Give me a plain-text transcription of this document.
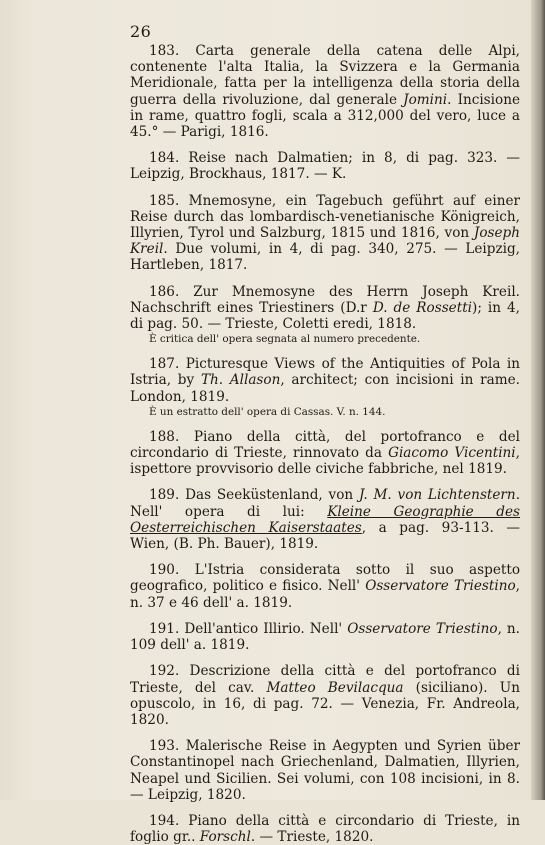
26

183. Carta generale della catena delle Alpi, contenente l'alta Italia, la Svizzera e la Germania Meridionale, fatta per la intelligenza della storia della guerra della rivoluzione, dal generale Jomini. Incisione in rame, quattro fogli, scala a 312,000 del vero, luce a 45.° — Parigi, 1816.

184. Reise nach Dalmatien; in 8, di pag. 323. — Leipzig, Brockhaus, 1817. — K.

185. Mnemosyne, ein Tagebuch geführt auf einer Reise durch das lombardisch-venetianische Königreich, Illyrien, Tyrol und Salzburg, 1815 und 1816, von Joseph Kreil. Due volumi, in 4, di pag. 340, 275. — Leipzig, Hartleben, 1817.

186. Zur Mnemosyne des Herrn Joseph Kreil. Nachschrift eines Triestiners (D.r D. de Rossetti); in 4, di pag. 50. — Trieste, Coletti eredi, 1818.

È critica dell' opera segnata al numero precedente.

187. Picturesque Views of the Antiquities of Pola in Istria, by Th. Allason, architect; con incisioni in rame. London, 1819.

È un estratto dell' opera di Cassas. V. n. 144.

188. Piano della città, del portofranco e del circondario di Trieste, rinnovato da Giacomo Vicentini, ispettore provvisorio delle civiche fabbriche, nel 1819.

189. Das Seeküstenland, von J. M. von Lichtenstern. Nell' opera di lui: Kleine Geographie des Oesterreichischen Kaiserstaates, a pag. 93-113. — Wien, (B. Ph. Bauer), 1819.

190. L'Istria considerata sotto il suo aspetto geografico, politico e fisico. Nell' Osservatore Triestino, n. 37 e 46 dell' a. 1819.

191. Dell'antico Illirio. Nell' Osservatore Triestino, n. 109 dell' a. 1819.

192. Descrizione della città e del portofranco di Trieste, del cav. Matteo Bevilacqua (siciliano). Un opuscolo, in 16, di pag. 72. — Venezia, Fr. Andreola, 1820.

193. Malerische Reise in Aegypten und Syrien über Constantinopel nach Griechenland, Dalmatien, Illyrien, Neapel und Sicilien. Sei volumi, con 108 incisioni, in 8. — Leipzig, 1820.

194. Piano della città e circondario di Trieste, in foglio gr.. Forschl. — Trieste, 1820.
